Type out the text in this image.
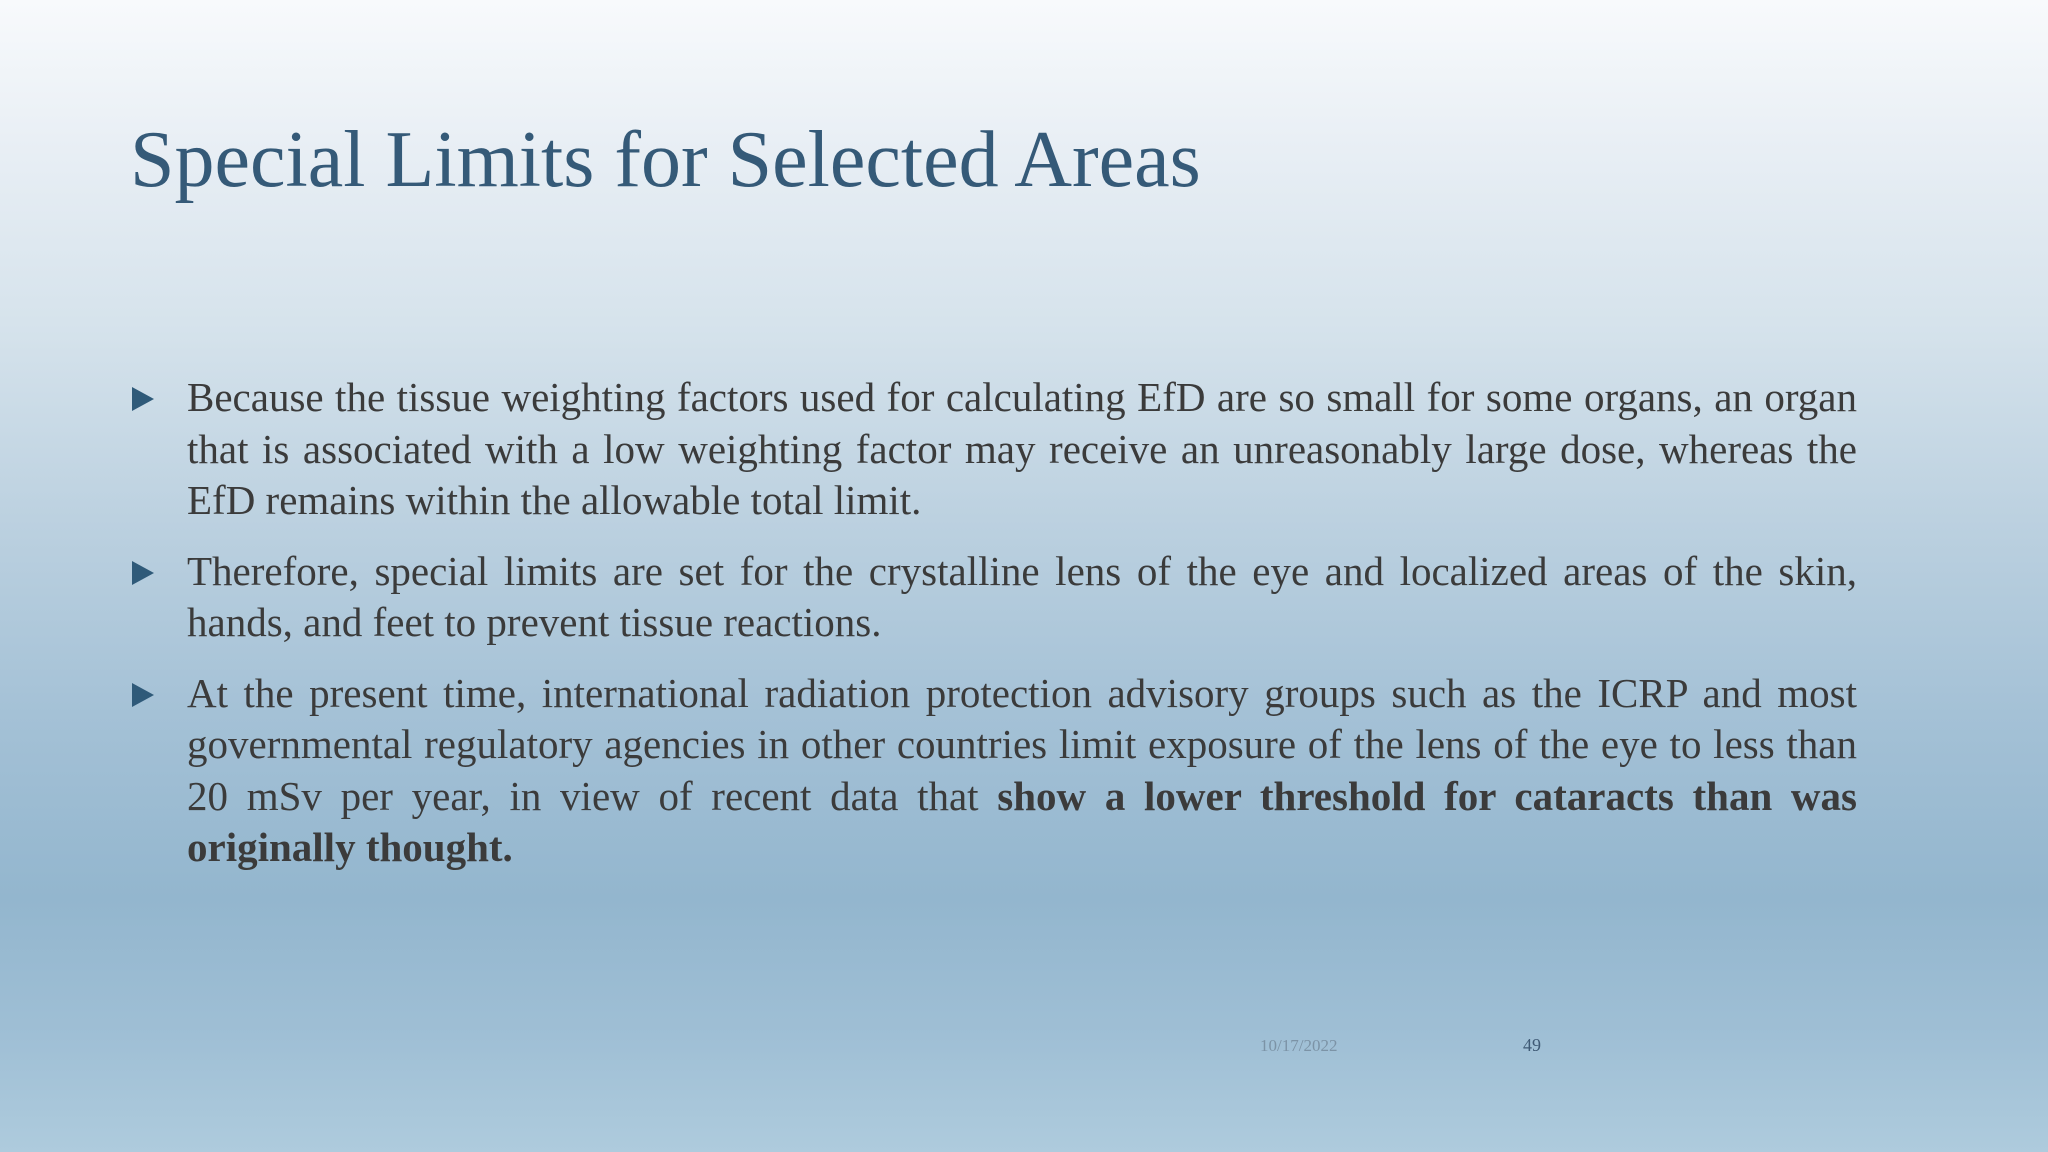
Special Limits for Selected Areas
Because the tissue weighting factors used for calculating EfD are so small for some organs, an organ that is associated with a low weighting factor may receive an unreasonably large dose, whereas the EfD remains within the allowable total limit.
Therefore, special limits are set for the crystalline lens of the eye and localized areas of the skin, hands, and feet to prevent tissue reactions.
At the present time, international radiation protection advisory groups such as the ICRP and most governmental regulatory agencies in other countries limit exposure of the lens of the eye to less than 20 mSv per year, in view of recent data that show a lower threshold for cataracts than was originally thought.
10/17/2022	49
